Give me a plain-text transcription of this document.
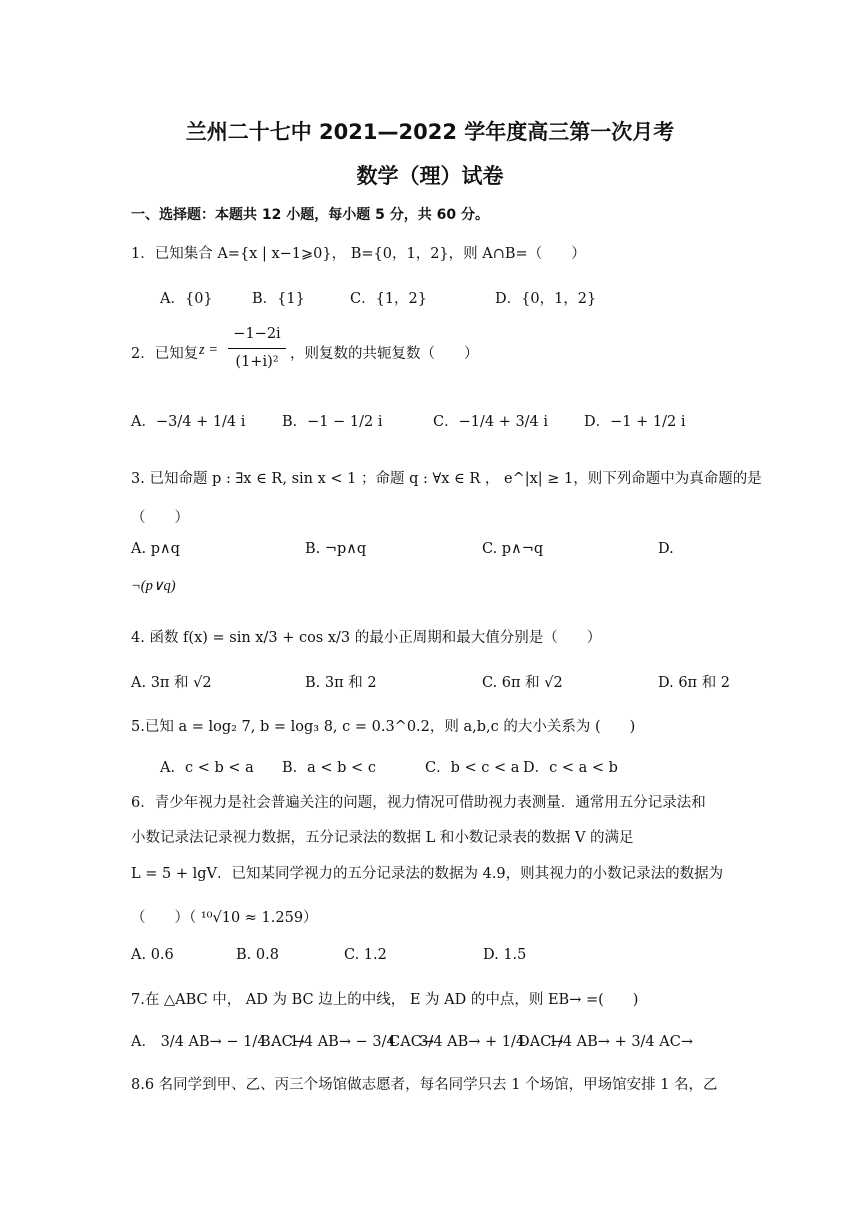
兰州二十七中 2021—2022 学年度高三第一次月考
数学（理）试卷
一、选择题：本题共 12 小题，每小题 5 分，共 60 分。
1．已知集合 A={x | x−1⩾0}， B={0，1，2}，则 A∩B=（　　）
A．{0}	B．{1}	C．{1，2}	D．{0，1，2}
2．已知复 z =
−1−2i
(1+i)² ，则复数的共轭复数（　　）
A．−3/4 + 1/4 i	B．−1 − 1/2 i	C．−1/4 + 3/4 i D．−1 + 1/2 i
3. 已知命题 p : ∃x ∈ R, sin x < 1 ；命题 q : ∀x ∈ R ， e^|x| ≥ 1，则下列命题中为真命题的是
（　　）
A. p∧q	B. ¬p∧q	C. p∧¬q	D.
¬(p∨q)
4. 函数 f(x) = sin x/3 + cos x/3 的最小正周期和最大值分别是（　　）
A. 3π 和 √2	B. 3π 和 2	C. 6π 和 √2	D. 6π 和 2
5.已知 a = log₂ 7, b = log₃ 8, c = 0.3^0.2，则 a,b,c 的大小关系为 (　　)
A．c < b < a B．a < b < c	C．b < c < a D．c < a < b
6．青少年视力是社会普遍关注的问题，视力情况可借助视力表测量．通常用五分记录法和
小数记录法记录视力数据，五分记录法的数据 L 和小数记录表的数据 V 的满足
L = 5 + lgV．已知某同学视力的五分记录法的数据为 4.9，则其视力的小数记录法的数据为
（　　）（ ¹⁰√10 ≈ 1.259）
A. 0.6	B. 0.8	C. 1.2	D. 1.5
7.在 △ABC 中， AD 为 BC 边上的中线， E 为 AD 的中点，则 EB→ =(　　)
A． 3/4 AB→ − 1/4 AC→
B． 1/4 AB→ − 3/4 AC→
C． 3/4 AB→ + 1/4 AC→
D． 1/4 AB→ + 3/4 AC→
8.6 名同学到甲、乙、丙三个场馆做志愿者，每名同学只去 1 个场馆，甲场馆安排 1 名，乙
